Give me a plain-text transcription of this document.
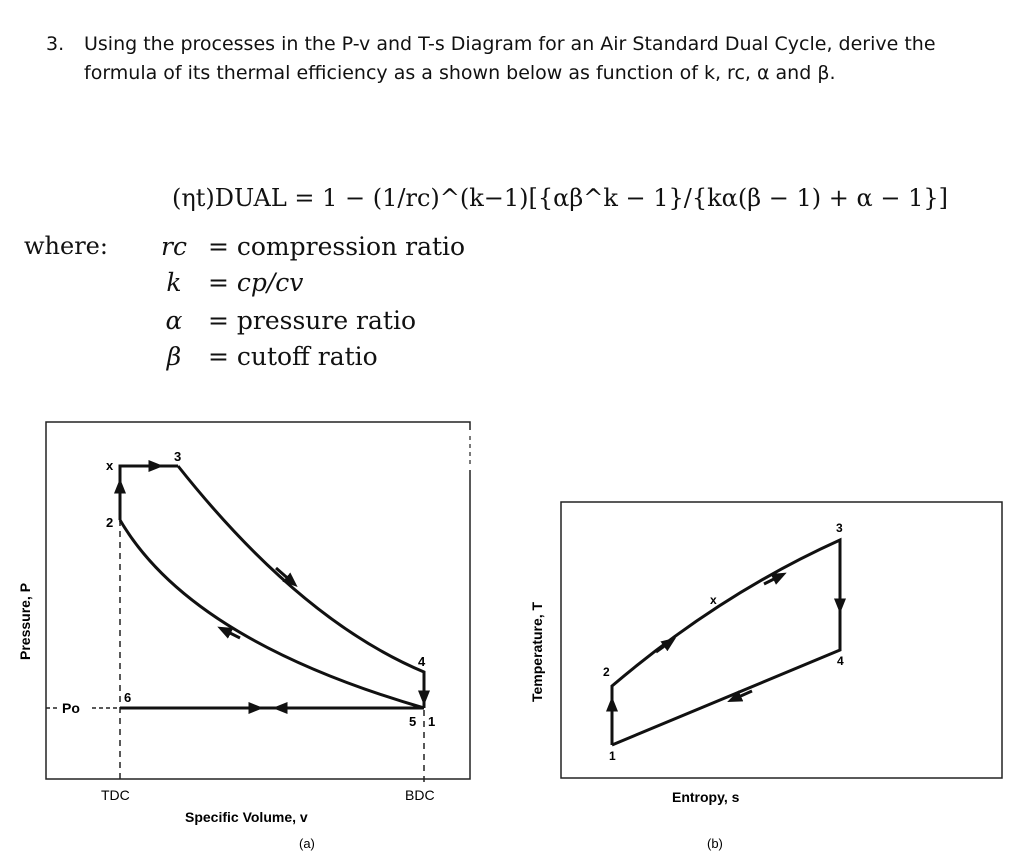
3. Using the processes in the P-v and T-s Diagram for an Air Standard Dual Cycle, derive the formula of its thermal efficiency as a shown below as function of k, rc, α and β.
(ηt)DUAL = 1 − (1/rc)^(k−1)[{αβ^k − 1}/{kα(β − 1) + α − 1}]
where:	rc = compression ratio
k = cp/cv
α = pressure ratio
β = cutoff ratio
x
3
2
4
5 1
6
Po
TDC	BDC
Specific Volume, v
(a)
Pressure, P
1
2
x
3
4
Entropy, s
(b)
Temperature, T
